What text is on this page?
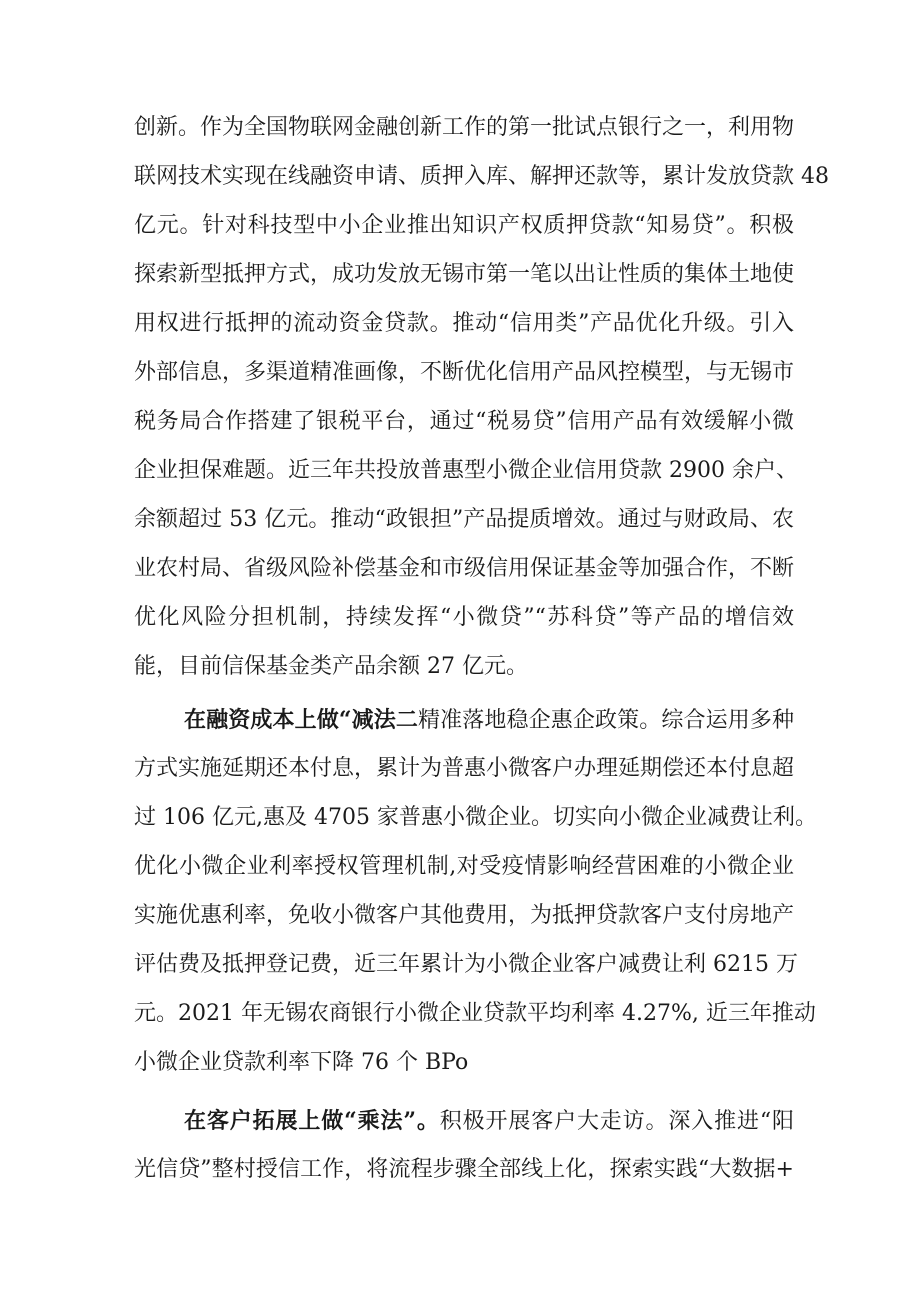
创新。作为全国物联网金融创新工作的第一批试点银行之一，利用物
联网技术实现在线融资申请、质押入库、解押还款等，累计发放贷款 48
亿元。针对科技型中小企业推出知识产权质押贷款“知易贷”。积极
探索新型抵押方式，成功发放无锡市第一笔以出让性质的集体土地使
用权进行抵押的流动资金贷款。推动“信用类”产品优化升级。引入
外部信息，多渠道精准画像，不断优化信用产品风控模型，与无锡市
税务局合作搭建了银税平台，通过“税易贷”信用产品有效缓解小微
企业担保难题。近三年共投放普惠型小微企业信用贷款 2900 余户、
余额超过 53 亿元。推动“政银担”产品提质增效。通过与财政局、农
业农村局、省级风险补偿基金和市级信用保证基金等加强合作，不断
优化风险分担机制，持续发挥“小微贷”“苏科贷”等产品的增信效
能，目前信保基金类产品余额 27 亿元。
在融资成本上做“减法二精准落地稳企惠企政策。综合运用多种
方式实施延期还本付息，累计为普惠小微客户办理延期偿还本付息超
过 106 亿元,惠及 4705 家普惠小微企业。切实向小微企业减费让利。
优化小微企业利率授权管理机制,对受疫情影响经营困难的小微企业
实施优惠利率，免收小微客户其他费用，为抵押贷款客户支付房地产
评估费及抵押登记费，近三年累计为小微企业客户减费让利 6215 万
元。2021 年无锡农商银行小微企业贷款平均利率 4.27%, 近三年推动
小微企业贷款利率下降 76 个 BPo
在客户拓展上做“乘法”。积极开展客户大走访。深入推进“阳
光信贷”整村授信工作，将流程步骤全部线上化，探索实践“大数据+
